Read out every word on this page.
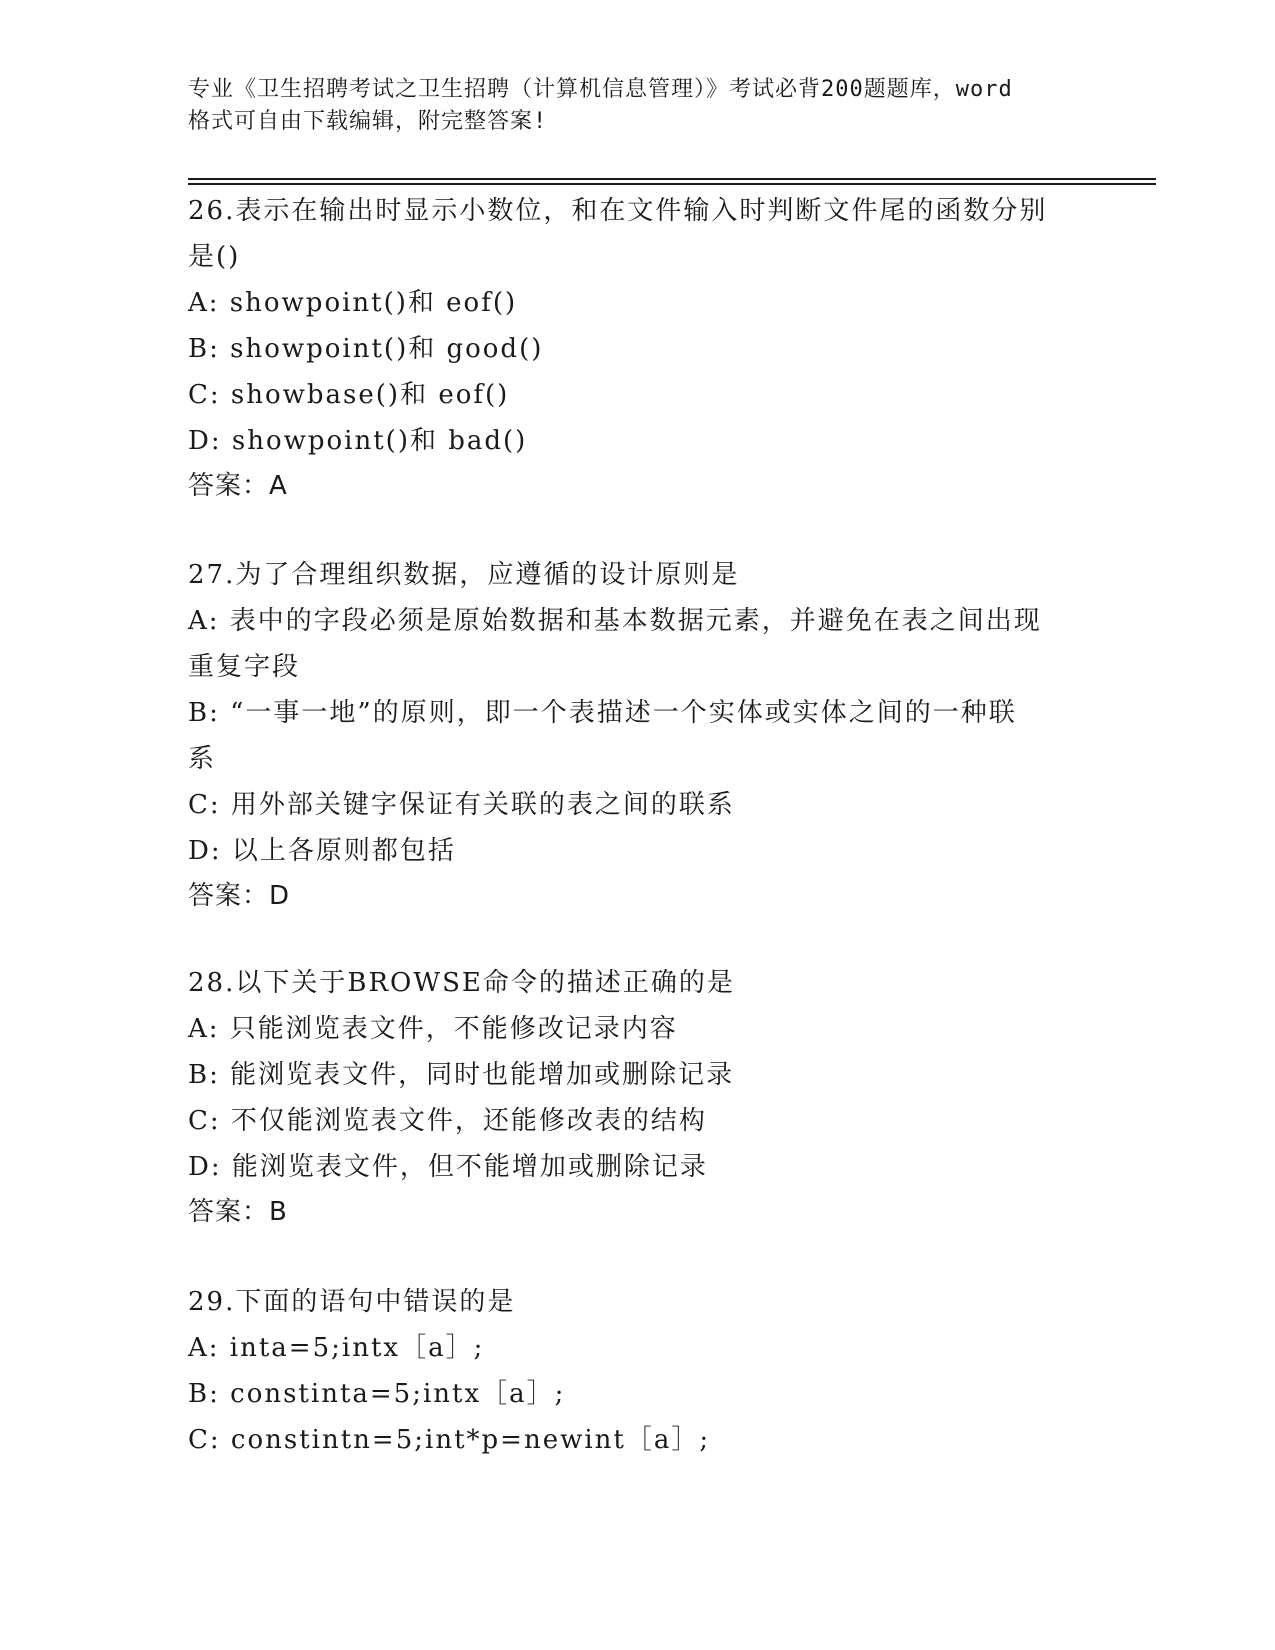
专业《卫生招聘考试之卫生招聘（计算机信息管理）》考试必背200题题库，word
格式可自由下载编辑，附完整答案!

26.表示在输出时显示小数位，和在文件输入时判断文件尾的函数分别

是()

A: showpoint()和 eof()

B: showpoint()和 good()

C: showbase()和 eof()

D: showpoint()和 bad()

答案：A

27.为了合理组织数据，应遵循的设计原则是

A: 表中的字段必须是原始数据和基本数据元素，并避免在表之间出现

重复字段

B: “一事一地”的原则，即一个表描述一个实体或实体之间的一种联

系

C: 用外部关键字保证有关联的表之间的联系

D: 以上各原则都包括

答案：D

28.以下关于BROWSE命令的描述正确的是

A: 只能浏览表文件，不能修改记录内容

B: 能浏览表文件，同时也能增加或删除记录

C: 不仅能浏览表文件，还能修改表的结构

D: 能浏览表文件，但不能增加或删除记录

答案：B

29.下面的语句中错误的是

A: inta=5;intx［a］;

B: constinta=5;intx［a］;

C: constintn=5;int*p=newint［a］;
